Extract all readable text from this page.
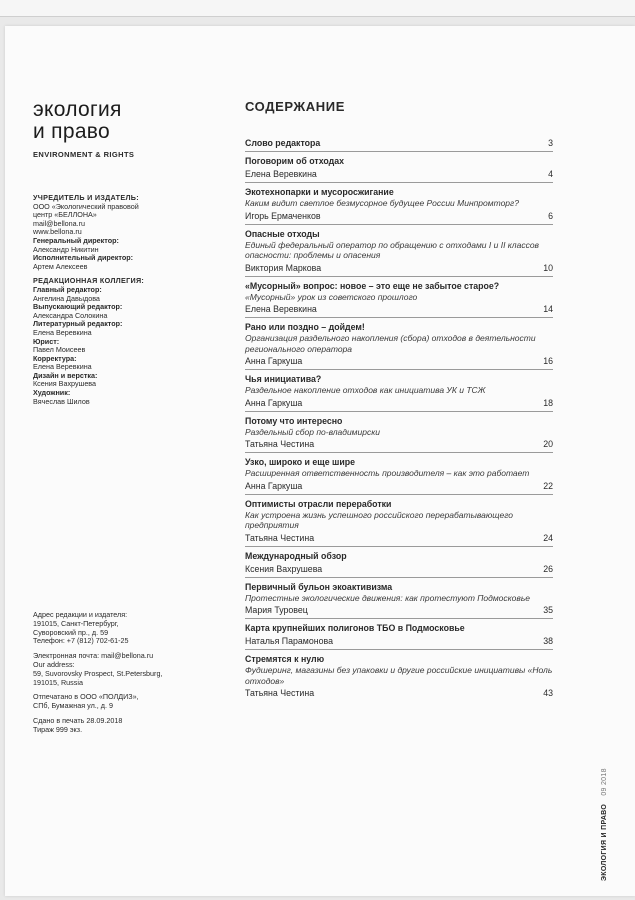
экология
и право
ENVIRONMENT & RIGHTS
УЧРЕДИТЕЛЬ И ИЗДАТЕЛЬ:
ООО «Экологический правовой
центр «БЕЛЛОНА»
mail@bellona.ru
www.bellona.ru
Генеральный директор:
Александр Никитин
Исполнительный директор:
Артем Алексеев
РЕДАКЦИОННАЯ КОЛЛЕГИЯ:
Главный редактор:
Ангелина Давыдова
Выпускающий редактор:
Александра Солокина
Литературный редактор:
Елена Веревкина
Юрист:
Павел Моисеев
Корректура:
Елена Веревкина
Дизайн и верстка:
Ксения Вахрушева
Художник:
Вячеслав Шилов
Адрес редакции и издателя:
191015, Санкт-Петербург,
Суворовский пр., д. 59
Телефон: +7 (812) 702-61-25
Электронная почта: mail@bellona.ru
Our address:
59, Suvorovsky Prospect, St.Petersburg,
191015, Russia
Отпечатано в ООО «ПОЛДИЗ»,
СПб, Бумажная ул., д. 9
Сдано в печать 28.09.2018
Тираж 999 экз.
СОДЕРЖАНИЕ
Слово редактора	3
Поговорим об отходах
Елена Веревкина	4
Экотехнопарки и мусоросжигание
Каким видит светлое безмусорное будущее России Минпромторг?
Игорь Ермаченков	6
Опасные отходы
Единый федеральный оператор по обращению с отходами I и II классов опасности: проблемы и опасения
Виктория Маркова	10
«Мусорный» вопрос: новое – это еще не забытое старое?
«Мусорный» урок из советского прошлого
Елена Веревкина	14
Рано или поздно – дойдем!
Организация раздельного накопления (сбора) отходов в деятельности регионального оператора
Анна Гаркуша	16
Чья инициатива?
Раздельное накопление отходов как инициатива УК и ТСЖ
Анна Гаркуша	18
Потому что интересно
Раздельный сбор по-владимирски
Татьяна Честина	20
Узко, широко и еще шире
Расширенная ответственность производителя – как это работает
Анна Гаркуша	22
Оптимисты отрасли переработки
Как устроена жизнь успешного российского перерабатывающего предприятия
Татьяна Честина	24
Международный обзор
Ксения Вахрушева	26
Первичный бульон экоактивизма
Протестные экологические движения: как протестуют Подмосковье
Мария Туровец	35
Карта крупнейших полигонов ТБО в Подмосковье
Наталья Парамонова	38
Стремятся к нулю
Фудшеринг, магазины без упаковки и другие российские инициативы «Ноль отходов»
Татьяна Честина	43
ЭКОЛОГИЯ И ПРАВО 09 2018
